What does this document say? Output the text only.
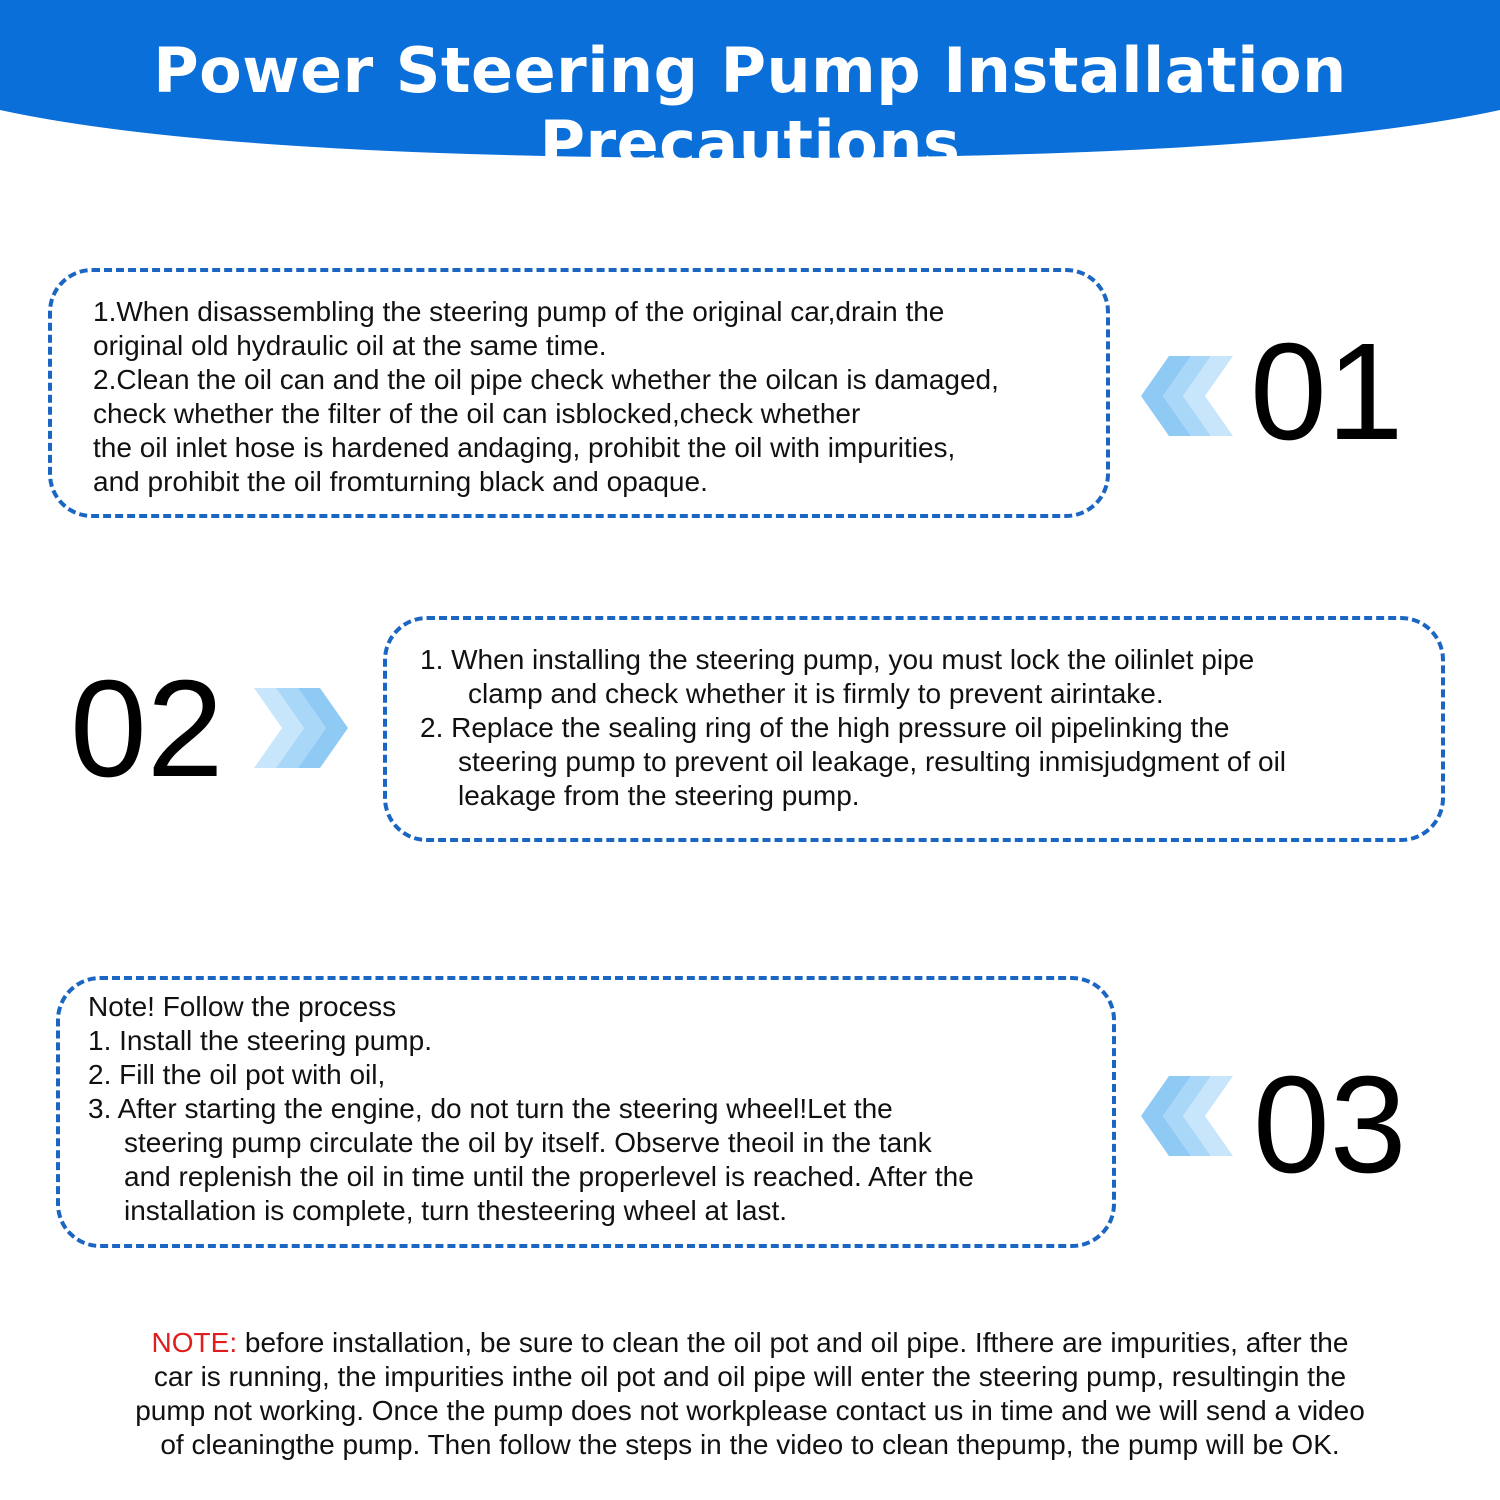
Power Steering Pump Installation Precautions
1.When disassembling the steering pump of the original car,drain the
original old hydraulic oil at the same time.
2.Clean the oil can and the oil pipe check whether the oilcan is damaged,
check whether the filter of the oil can isblocked,check whether
the oil inlet hose is hardened andaging, prohibit the oil with impurities,
and prohibit the oil fromturning black and opaque.
01
02	1. When installing the steering pump, you must lock the oilinlet pipe
clamp and check whether it is firmly to prevent airintake.
2. Replace the sealing ring of the high pressure oil pipelinking the
steering pump to prevent oil leakage, resulting inmisjudgment of oil
leakage from the steering pump.
Note! Follow the process
1. Install the steering pump.
2. Fill the oil pot with oil,
3. After starting the engine, do not turn the steering wheel!Let the
steering pump circulate the oil by itself. Observe theoil in the tank
and replenish the oil in time until the properlevel is reached. After the
installation is complete, turn thesteering wheel at last.
03
NOTE: before installation, be sure to clean the oil pot and oil pipe. Ifthere are impurities, after the
car is running, the impurities inthe oil pot and oil pipe will enter the steering pump, resultingin the
pump not working. Once the pump does not workplease contact us in time and we will send a video
of cleaningthe pump. Then follow the steps in the video to clean thepump, the pump will be OK.
